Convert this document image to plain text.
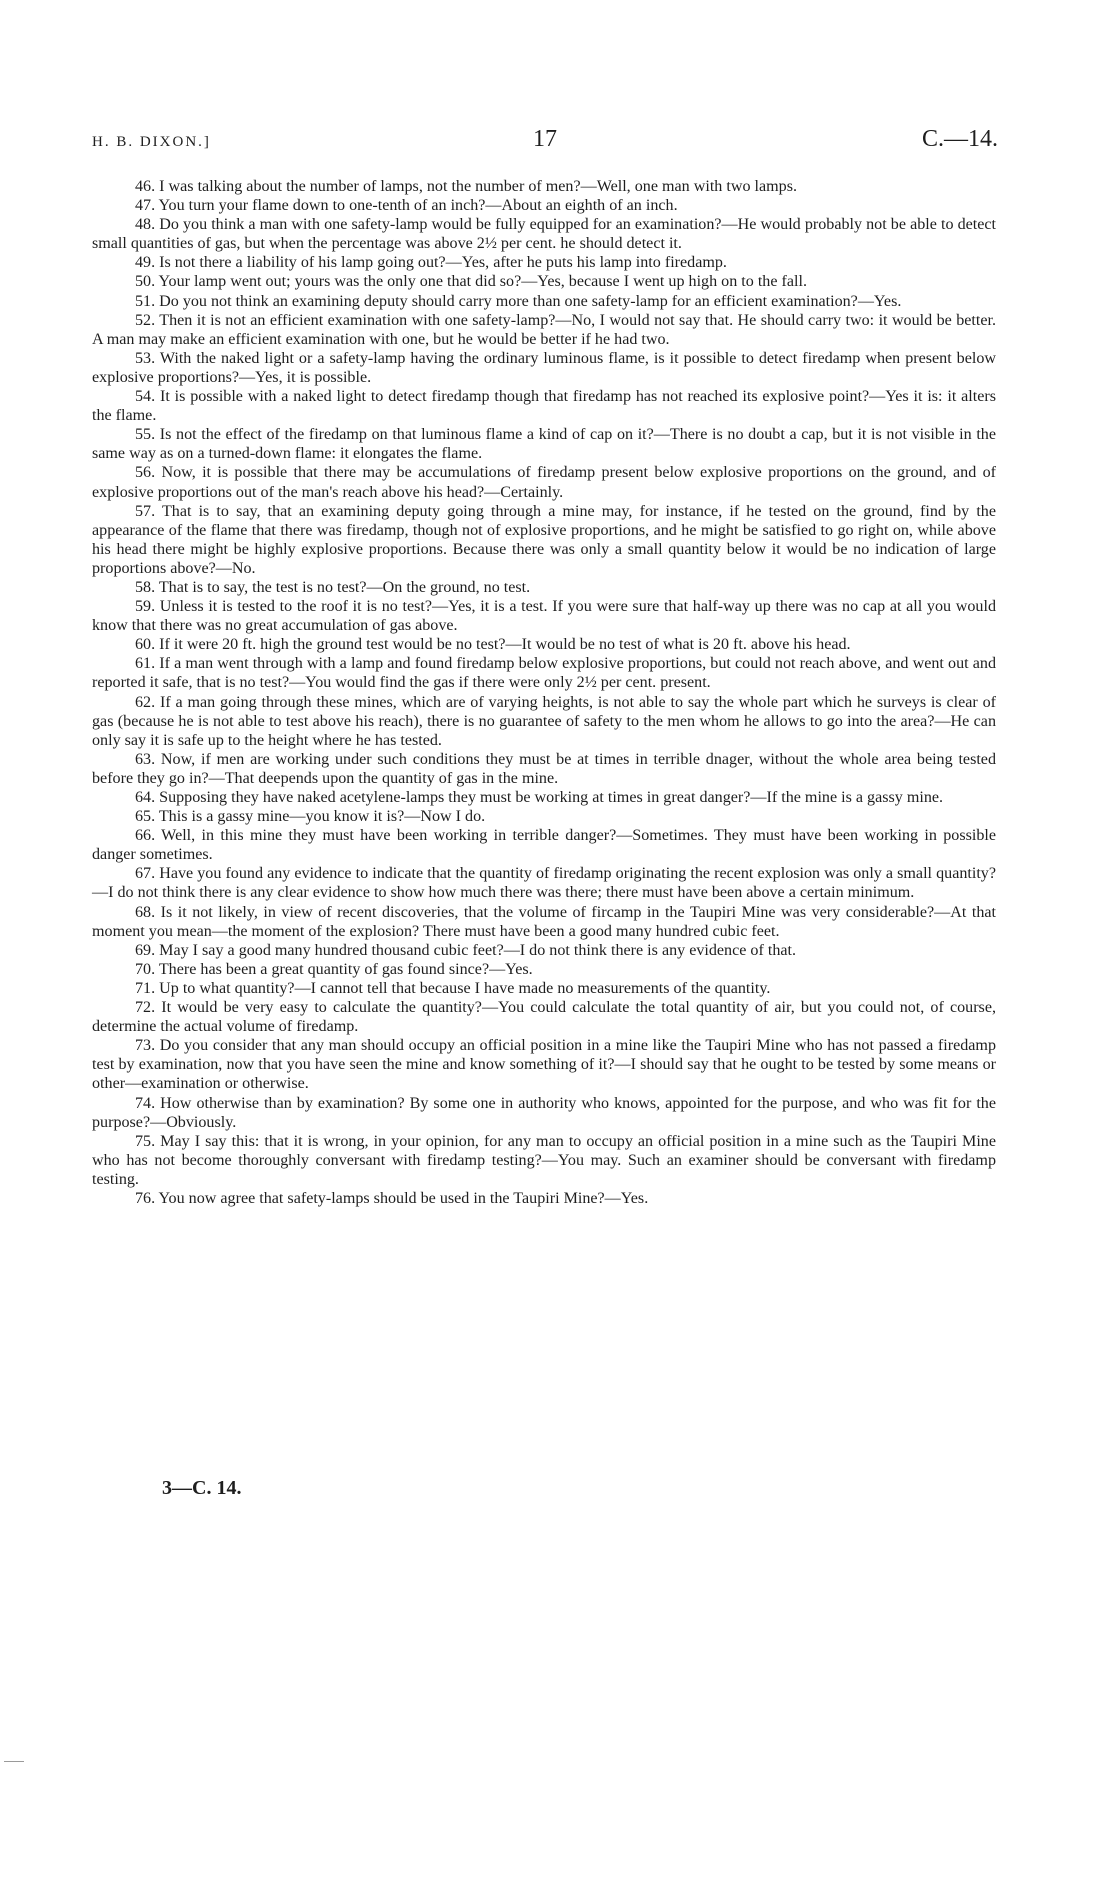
H. B. DIXON.]	17	C.—14.

46. I was talking about the number of lamps, not the number of men?—Well, one man with two lamps.

47. You turn your flame down to one-tenth of an inch?—About an eighth of an inch.

48. Do you think a man with one safety-lamp would be fully equipped for an examination?—He would probably not be able to detect small quantities of gas, but when the percentage was above 2½ per cent. he should detect it.

49. Is not there a liability of his lamp going out?—Yes, after he puts his lamp into firedamp.

50. Your lamp went out; yours was the only one that did so?—Yes, because I went up high on to the fall.

51. Do you not think an examining deputy should carry more than one safety-lamp for an efficient examination?—Yes.

52. Then it is not an efficient examination with one safety-lamp?—No, I would not say that. He should carry two: it would be better. A man may make an efficient examination with one, but he would be better if he had two.

53. With the naked light or a safety-lamp having the ordinary luminous flame, is it possible to detect firedamp when present below explosive proportions?—Yes, it is possible.

54. It is possible with a naked light to detect firedamp though that firedamp has not reached its explosive point?—Yes it is: it alters the flame.

55. Is not the effect of the firedamp on that luminous flame a kind of cap on it?—There is no doubt a cap, but it is not visible in the same way as on a turned-down flame: it elongates the flame.

56. Now, it is possible that there may be accumulations of firedamp present below explosive proportions on the ground, and of explosive proportions out of the man's reach above his head?—Certainly.

57. That is to say, that an examining deputy going through a mine may, for instance, if he tested on the ground, find by the appearance of the flame that there was firedamp, though not of explosive proportions, and he might be satisfied to go right on, while above his head there might be highly explosive proportions. Because there was only a small quantity below it would be no indication of large proportions above?—No.

58. That is to say, the test is no test?—On the ground, no test.

59. Unless it is tested to the roof it is no test?—Yes, it is a test. If you were sure that half-way up there was no cap at all you would know that there was no great accumulation of gas above.

60. If it were 20 ft. high the ground test would be no test?—It would be no test of what is 20 ft. above his head.

61. If a man went through with a lamp and found firedamp below explosive proportions, but could not reach above, and went out and reported it safe, that is no test?—You would find the gas if there were only 2½ per cent. present.

62. If a man going through these mines, which are of varying heights, is not able to say the whole part which he surveys is clear of gas (because he is not able to test above his reach), there is no guarantee of safety to the men whom he allows to go into the area?—He can only say it is safe up to the height where he has tested.

63. Now, if men are working under such conditions they must be at times in terrible dnager, without the whole area being tested before they go in?—That deepends upon the quantity of gas in the mine.

64. Supposing they have naked acetylene-lamps they must be working at times in great danger?—If the mine is a gassy mine.

65. This is a gassy mine—you know it is?—Now I do.

66. Well, in this mine they must have been working in terrible danger?—Sometimes. They must have been working in possible danger sometimes.

67. Have you found any evidence to indicate that the quantity of firedamp originating the recent explosion was only a small quantity?—I do not think there is any clear evidence to show how much there was there; there must have been above a certain minimum.

68. Is it not likely, in view of recent discoveries, that the volume of fircamp in the Taupiri Mine was very considerable?—At that moment you mean—the moment of the explosion? There must have been a good many hundred cubic feet.

69. May I say a good many hundred thousand cubic feet?—I do not think there is any evidence of that.

70. There has been a great quantity of gas found since?—Yes.

71. Up to what quantity?—I cannot tell that because I have made no measurements of the quantity.

72. It would be very easy to calculate the quantity?—You could calculate the total quantity of air, but you could not, of course, determine the actual volume of firedamp.

73. Do you consider that any man should occupy an official position in a mine like the Taupiri Mine who has not passed a firedamp test by examination, now that you have seen the mine and know something of it?—I should say that he ought to be tested by some means or other—examination or otherwise.

74. How otherwise than by examination? By some one in authority who knows, appointed for the purpose, and who was fit for the purpose?—Obviously.

75. May I say this: that it is wrong, in your opinion, for any man to occupy an official position in a mine such as the Taupiri Mine who has not become thoroughly conversant with firedamp testing?—You may. Such an examiner should be conversant with firedamp testing.

76. You now agree that safety-lamps should be used in the Taupiri Mine?—Yes.

3—C. 14.
